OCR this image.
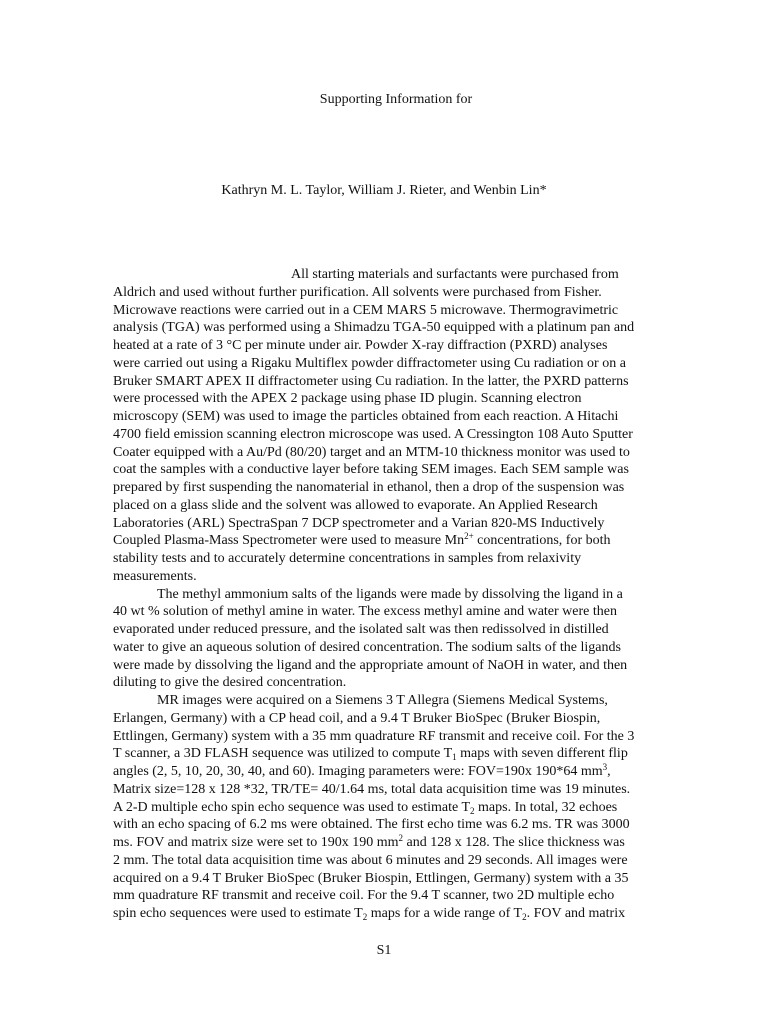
Supporting Information for
Kathryn M. L. Taylor, William J. Rieter, and Wenbin Lin*
All starting materials and surfactants were purchased from
Aldrich and used without further purification. All solvents were purchased from Fisher.
Microwave reactions were carried out in a CEM MARS 5 microwave. Thermogravimetric
analysis (TGA) was performed using a Shimadzu TGA-50 equipped with a platinum pan and
heated at a rate of 3 °C per minute under air. Powder X-ray diffraction (PXRD) analyses
were carried out using a Rigaku Multiflex powder diffractometer using Cu radiation or on a
Bruker SMART APEX II diffractometer using Cu radiation. In the latter, the PXRD patterns
were processed with the APEX 2 package using phase ID plugin. Scanning electron
microscopy (SEM) was used to image the particles obtained from each reaction. A Hitachi
4700 field emission scanning electron microscope was used. A Cressington 108 Auto Sputter
Coater equipped with a Au/Pd (80/20) target and an MTM-10 thickness monitor was used to
coat the samples with a conductive layer before taking SEM images. Each SEM sample was
prepared by first suspending the nanomaterial in ethanol, then a drop of the suspension was
placed on a glass slide and the solvent was allowed to evaporate. An Applied Research
Laboratories (ARL) SpectraSpan 7 DCP spectrometer and a Varian 820-MS Inductively
Coupled Plasma-Mass Spectrometer were used to measure $Mn^{2+}$ concentrations, for both
stability tests and to accurately determine concentrations in samples from relaxivity
measurements.
The methyl ammonium salts of the ligands were made by dissolving the ligand in a
40 wt % solution of methyl amine in water. The excess methyl amine and water were then
evaporated under reduced pressure, and the isolated salt was then redissolved in distilled
water to give an aqueous solution of desired concentration. The sodium salts of the ligands
were made by dissolving the ligand and the appropriate amount of NaOH in water, and then
diluting to give the desired concentration.
MR images were acquired on a Siemens 3 T Allegra (Siemens Medical Systems,
Erlangen, Germany) with a CP head coil, and a 9.4 T Bruker BioSpec (Bruker Biospin,
Ettlingen, Germany) system with a 35 mm quadrature RF transmit and receive coil. For the 3
T scanner, a 3D FLASH sequence was utilized to compute $T_1$ maps with seven different flip
angles (2, 5, 10, 20, 30, 40, and 60). Imaging parameters were: FOV=190x 190*64 $mm^3$,
Matrix size=128 x 128 *32, TR/TE= 40/1.64 ms, total data acquisition time was 19 minutes.
A 2-D multiple echo spin echo sequence was used to estimate $T_2$ maps. In total, 32 echoes
with an echo spacing of 6.2 ms were obtained. The first echo time was 6.2 ms. TR was 3000
ms. FOV and matrix size were set to 190x 190 $mm^2$ and 128 x 128. The slice thickness was
2 mm. The total data acquisition time was about 6 minutes and 29 seconds. All images were
acquired on a 9.4 T Bruker BioSpec (Bruker Biospin, Ettlingen, Germany) system with a 35
mm quadrature RF transmit and receive coil. For the 9.4 T scanner, two 2D multiple echo
spin echo sequences were used to estimate $T_2$ maps for a wide range of $T_2$. FOV and matrix
S1
